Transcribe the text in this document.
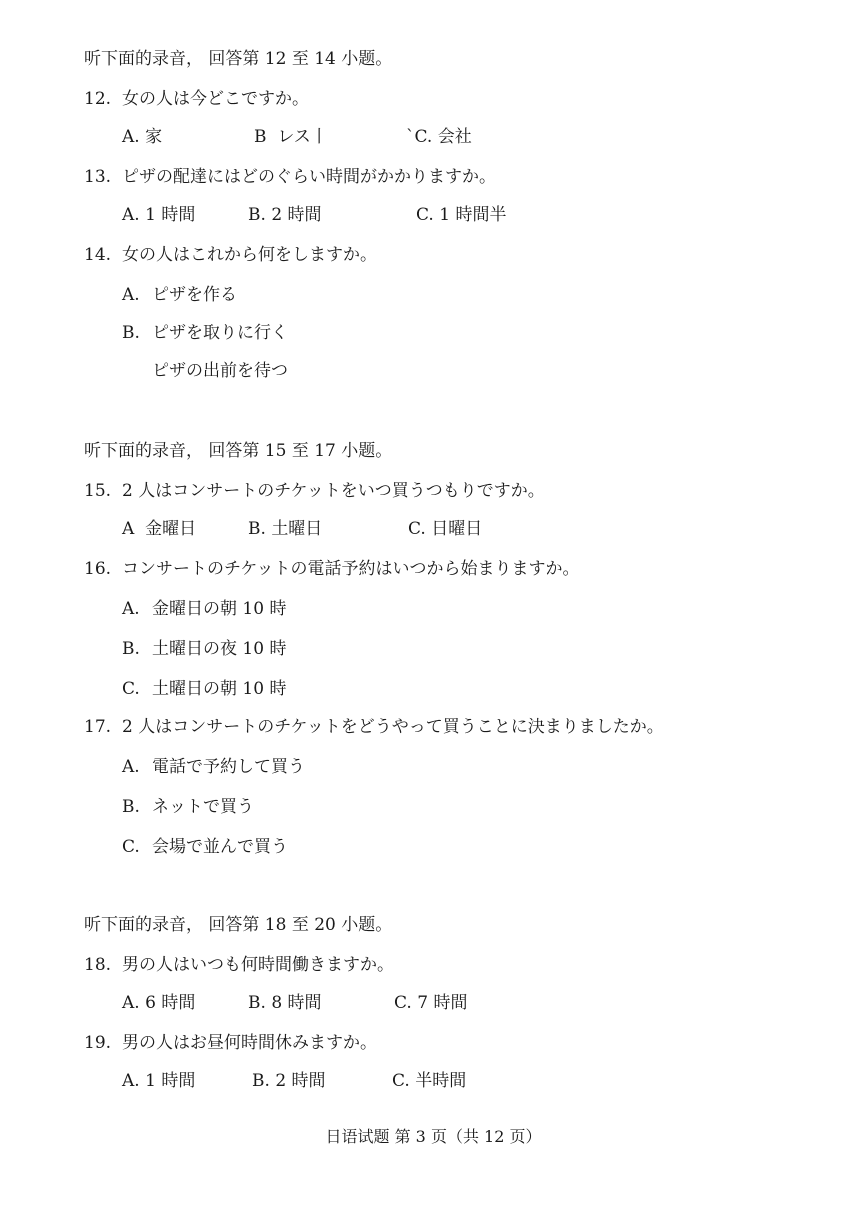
听下面的录音， 回答第 12 至 14 小题。
12. 女の人は今どこですか。
A. 家	B レス丨	`C. 会社
13. ピザの配達にはどのぐらい時間がかかりますか。
A. 1 時間	B. 2 時間	C. 1 時間半
14. 女の人はこれから何をしますか。
A. ピザを作る
B. ピザを取りに行く
ピザの出前を待つ
听下面的录音， 回答第 15 至 17 小题。
15. 2 人はコンサートのチケットをいつ買うつもりですか。
A 金曜日	B. 土曜日	C. 日曜日
16. コンサートのチケットの電話予約はいつから始まりますか。
A. 金曜日の朝 10 時
B. 土曜日の夜 10 時
C. 土曜日の朝 10 時
17. 2 人はコンサートのチケットをどうやって買うことに決まりましたか。
A. 電話で予約して買う
B. ネットで買う
C. 会場で並んで買う
听下面的录音， 回答第 18 至 20 小题。
18. 男の人はいつも何時間働きますか。
A. 6 時間	B. 8 時間	C. 7 時間
19. 男の人はお昼何時間休みますか。
A. 1 時間	B. 2 時間	C. 半時間
日语试题 第 3 页（共 12 页）
